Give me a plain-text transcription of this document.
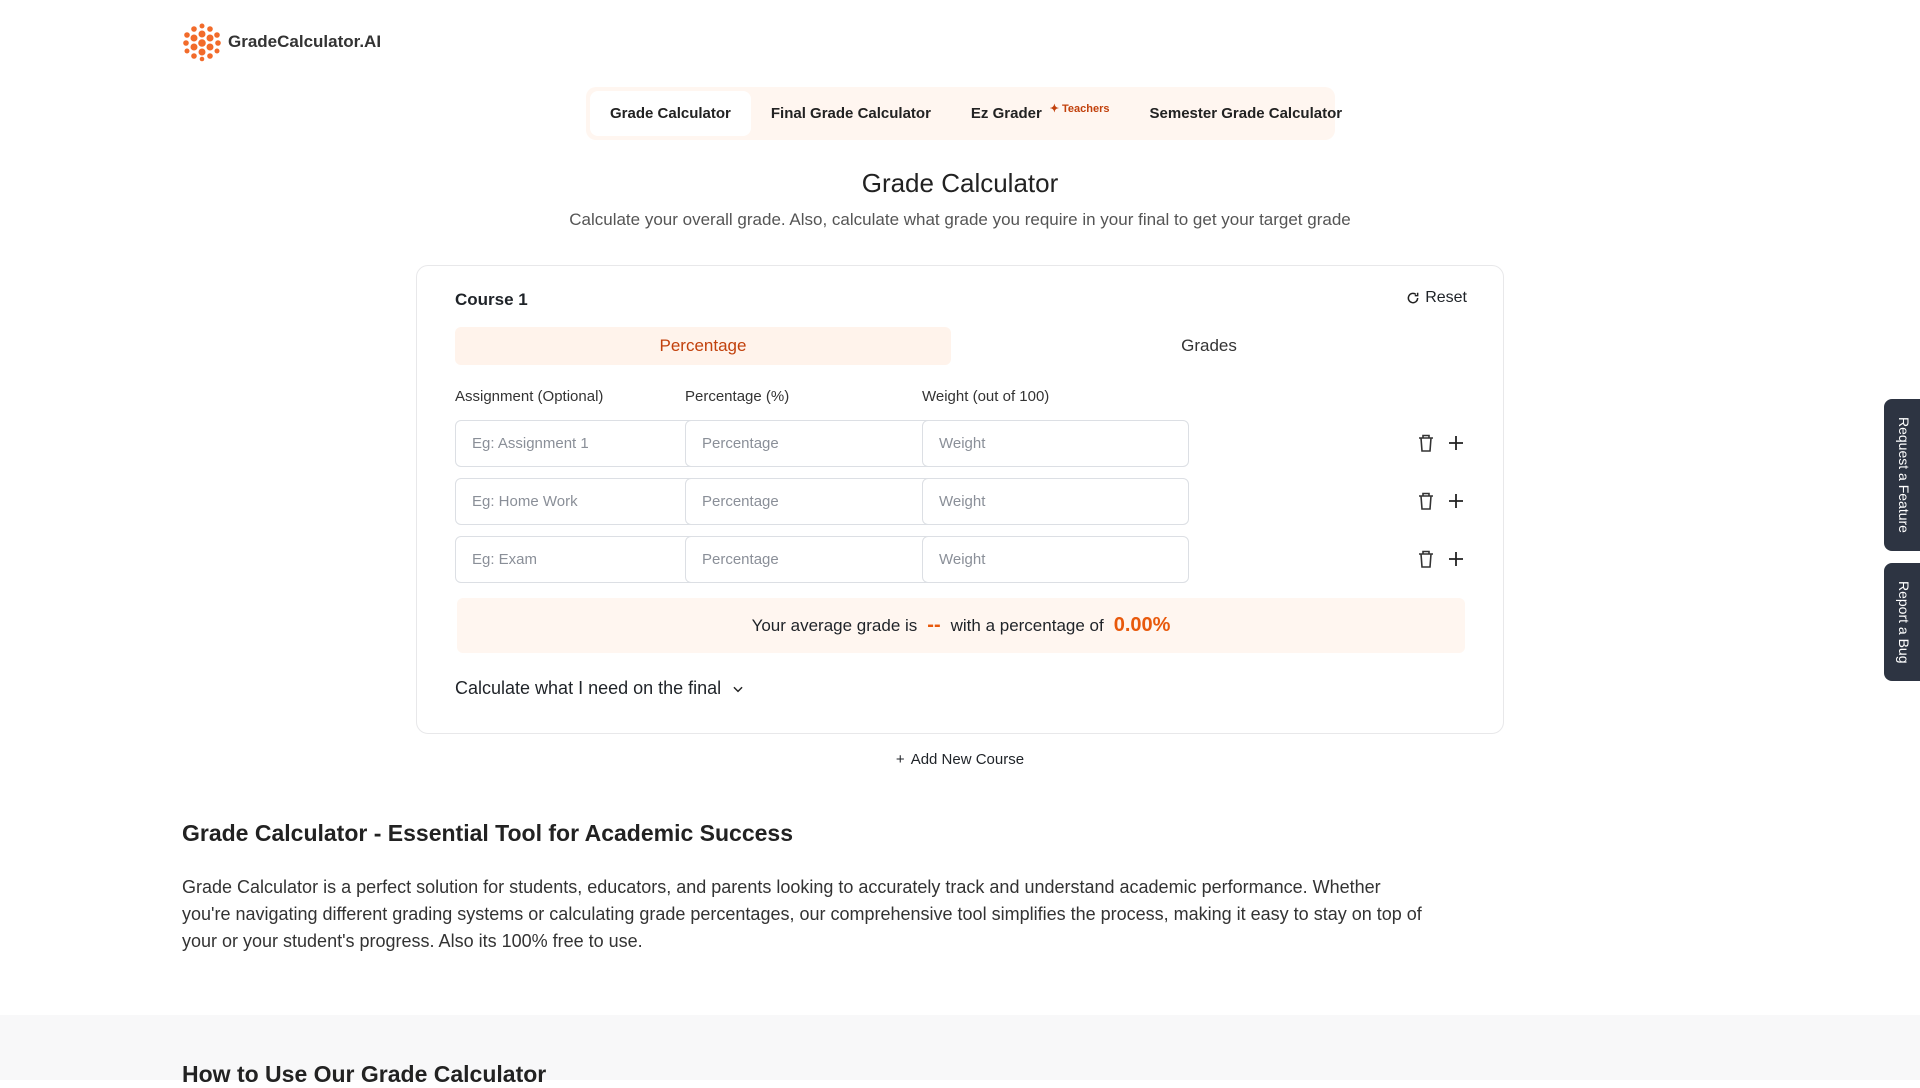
GradeCalculator.AI
Grade Calculator	Final Grade Calculator	Ez Grader ✦ Teachers	Semester Grade Calculator
Grade Calculator
Calculate your overall grade. Also, calculate what grade you require in your final to get your target grade
Course 1	Reset
Percentage	Grades
Assignment (Optional)	Percentage (%)	Weight (out of 100)
Eg: Assignment 1	Percentage	Weight
Eg: Home Work	Percentage	Weight
Eg: Exam	Percentage	Weight
Your average grade is -- with a percentage of 0.00%
Calculate what I need on the final
+ Add New Course
Grade Calculator - Essential Tool for Academic Success

Grade Calculator is a perfect solution for students, educators, and parents looking to accurately track and understand academic performance. Whether you're navigating different grading systems or calculating grade percentages, our comprehensive tool simplifies the process, making it easy to stay on top of your or your student's progress. Also its 100% free to use.

How to Use Our Grade Calculator
Request a Feature
Report a Bug
